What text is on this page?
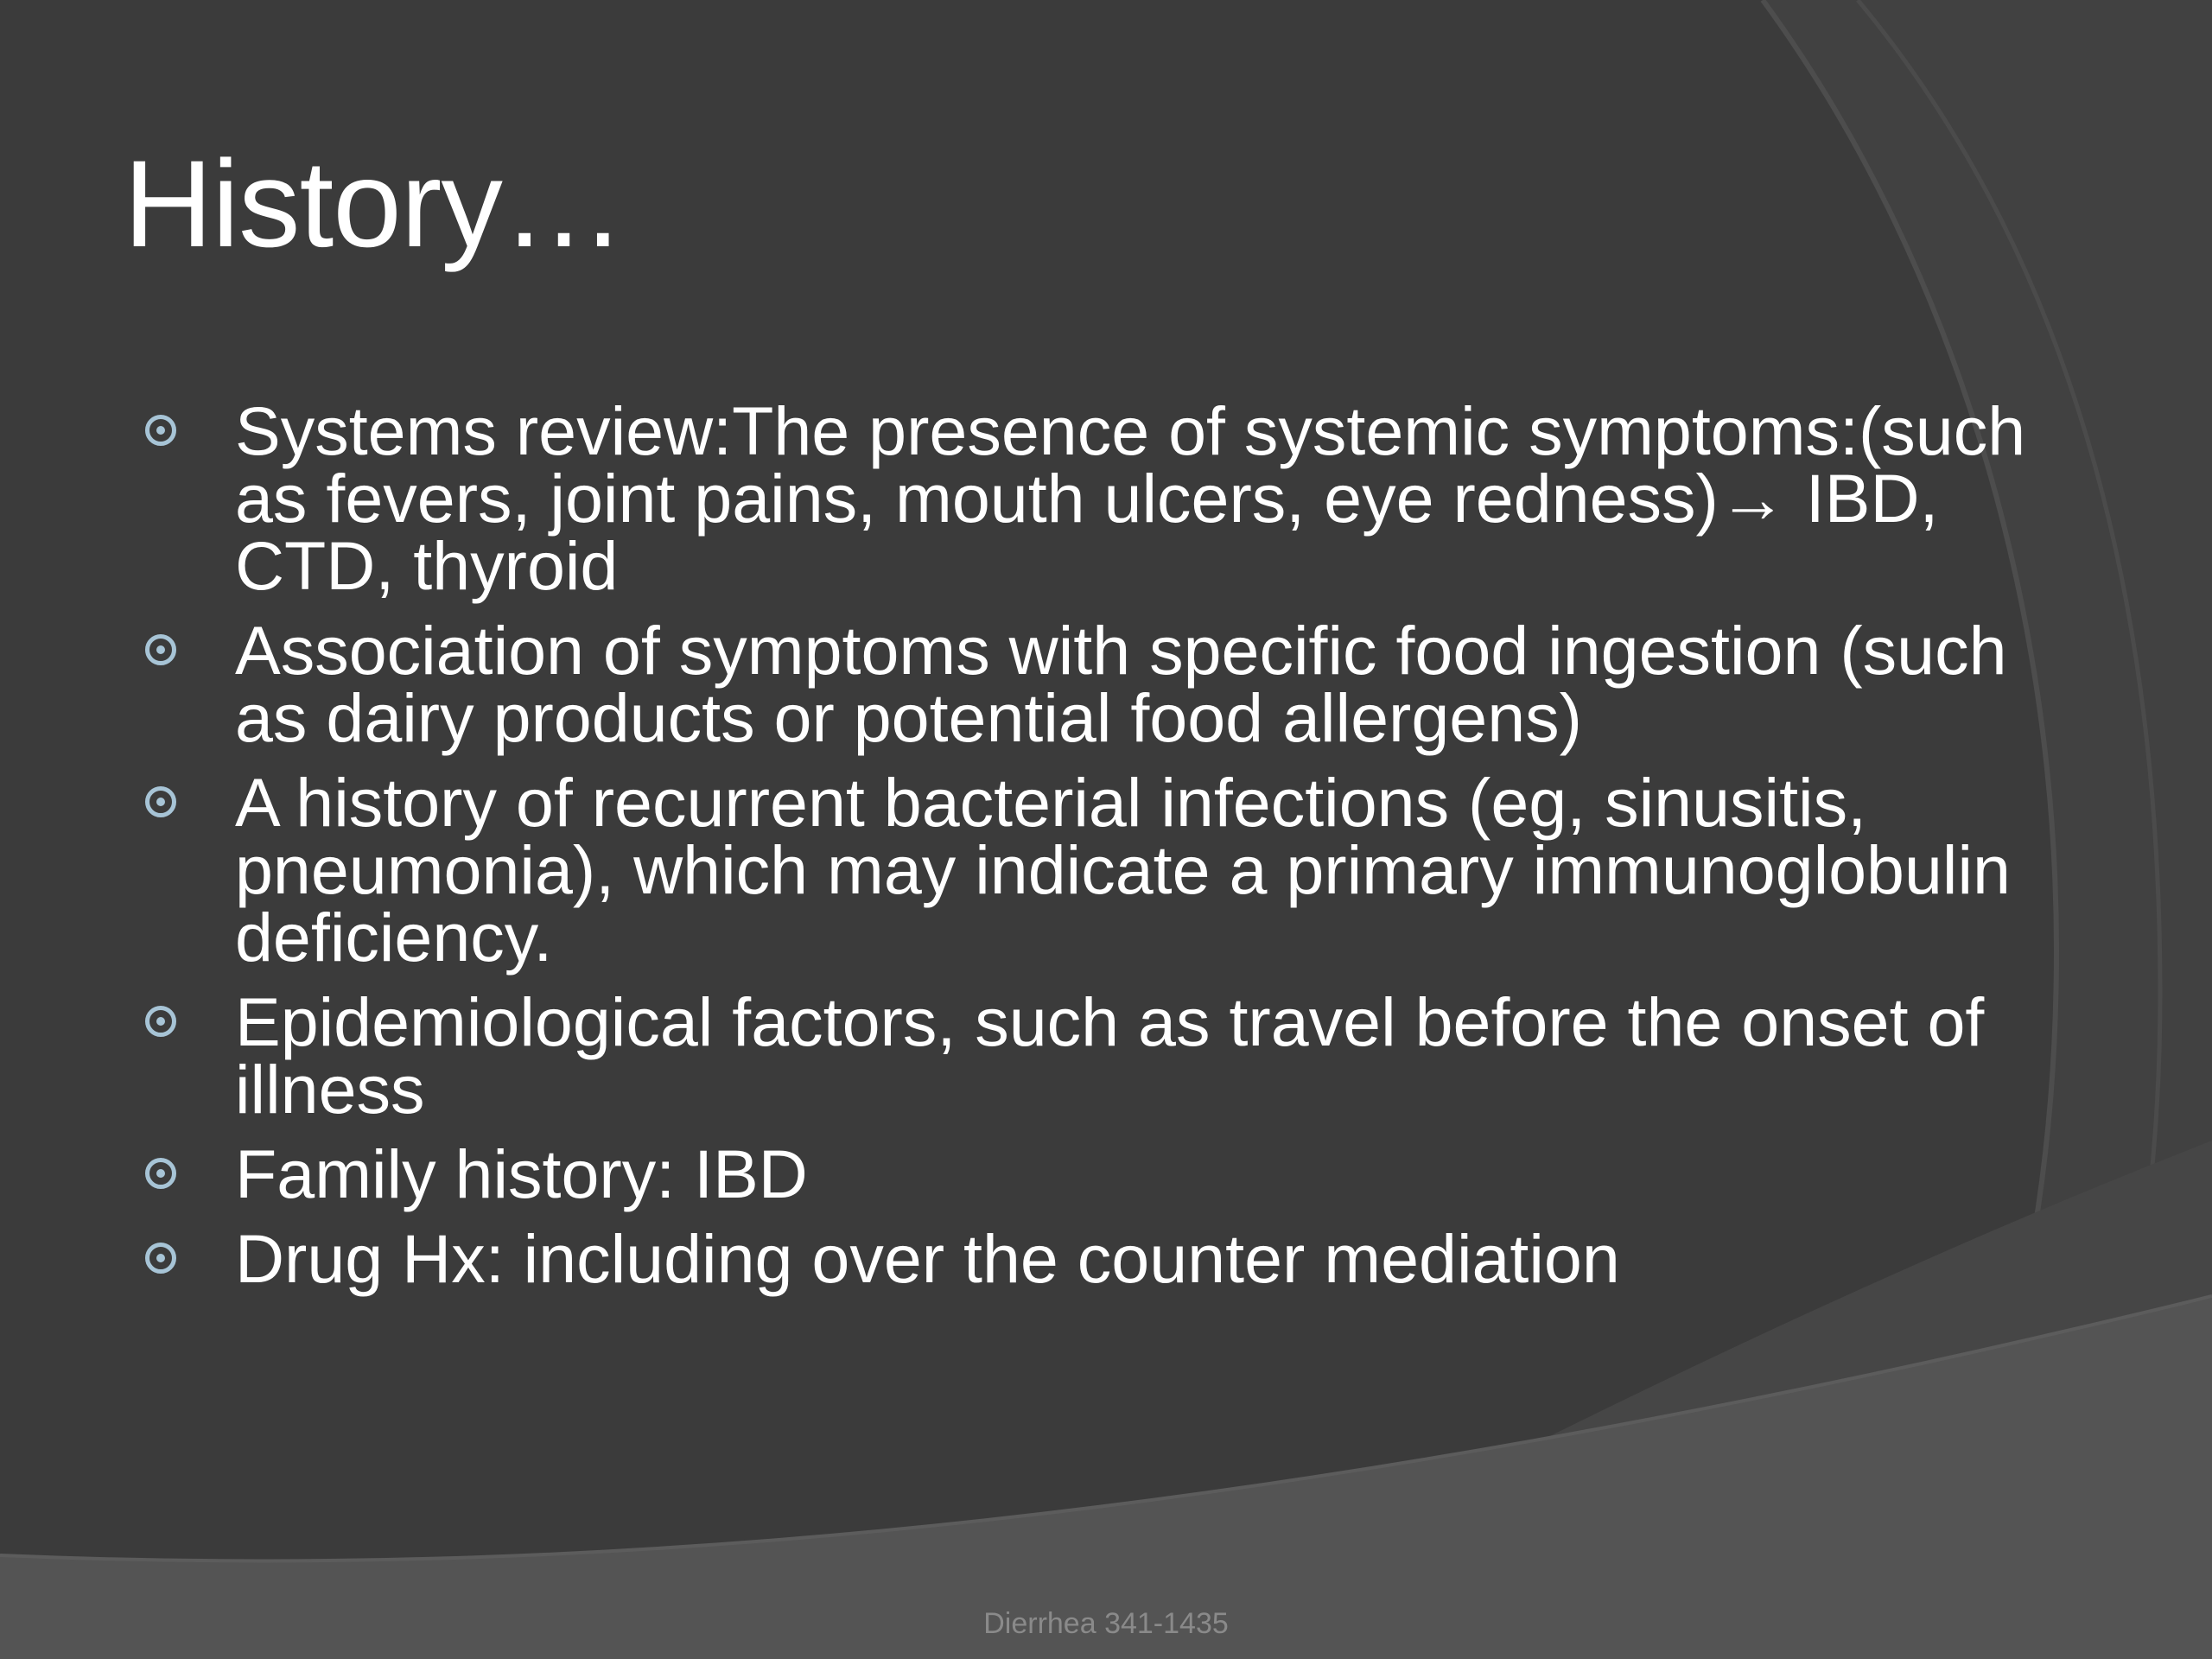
History…
Systems review:The presence of systemic symptoms:(such as fevers, joint pains, mouth ulcers, eye redness)→ IBD, CTD, thyroid
Association of symptoms with specific food ingestion (such as dairy products or potential food allergens)
A history of recurrent bacterial infections (eg, sinusitis, pneumonia), which may indicate a primary immunoglobulin deficiency.
Epidemiological factors, such as travel before the onset of illness
Family history: IBD
Drug Hx: including over the counter mediation
Dierrhea 341-1435
